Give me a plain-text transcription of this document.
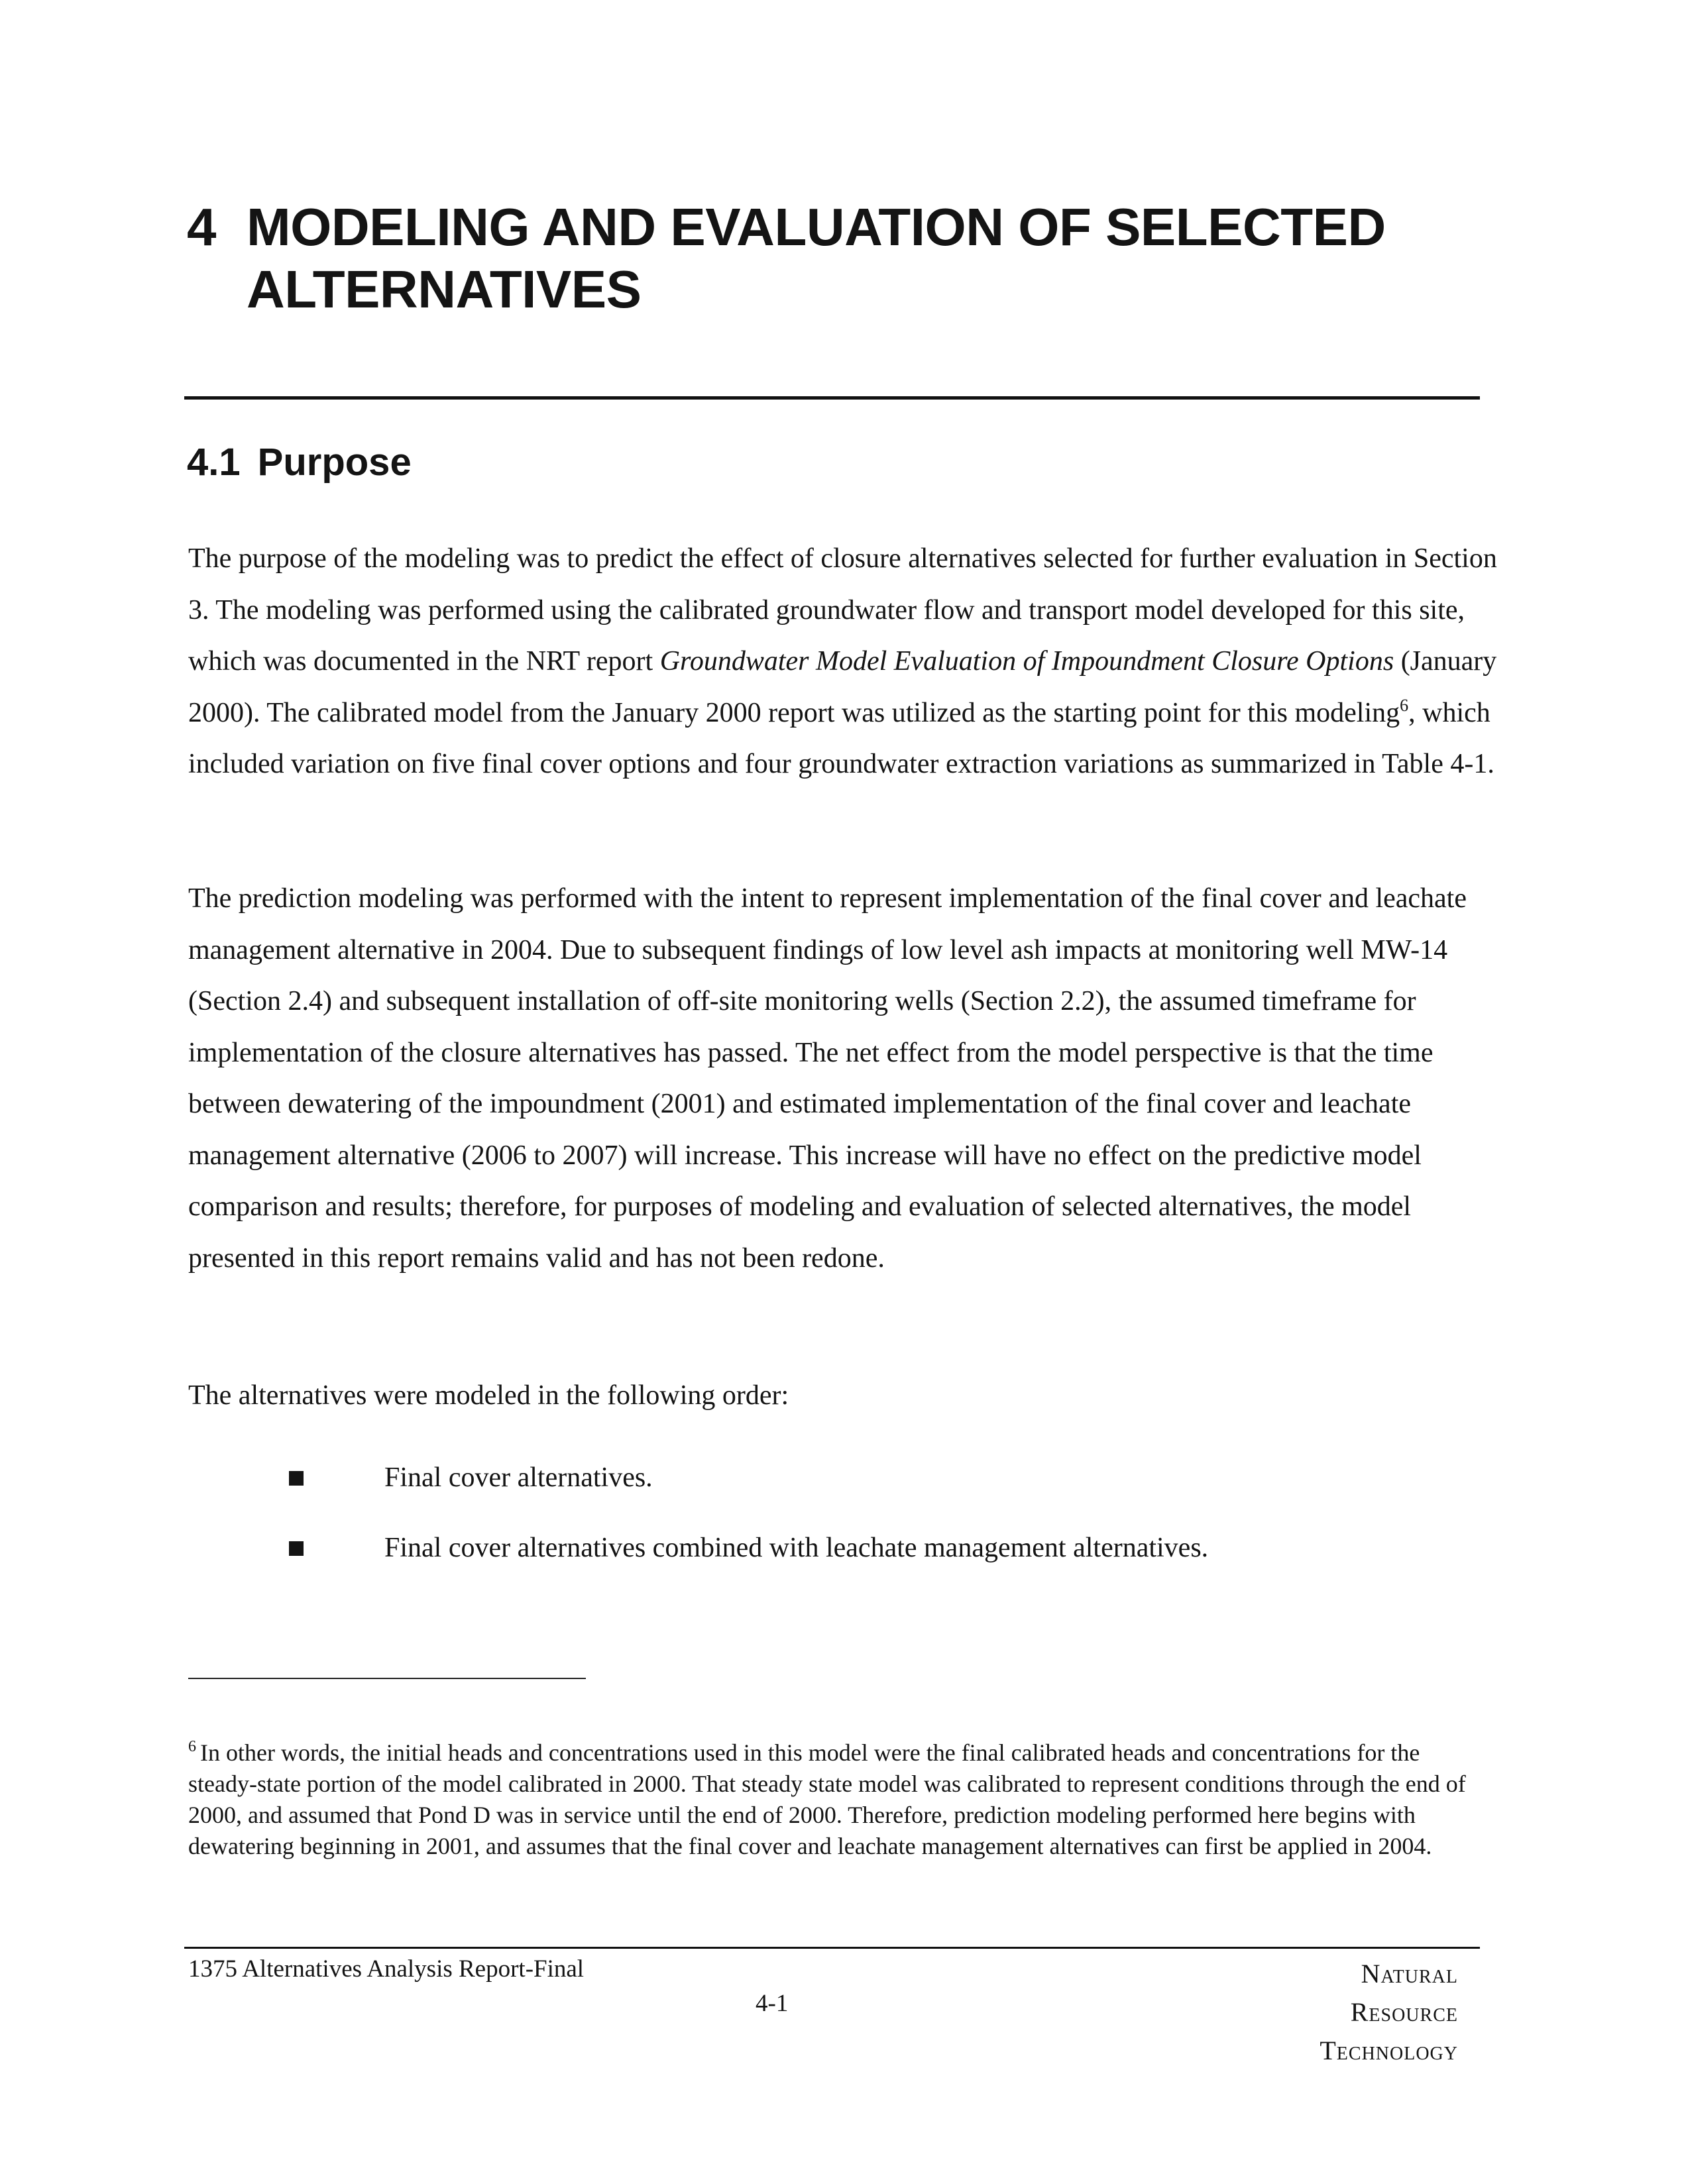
4 MODELING AND EVALUATION OF SELECTED ALTERNATIVES
4.1 Purpose

The purpose of the modeling was to predict the effect of closure alternatives selected for further evaluation in Section 3. The modeling was performed using the calibrated groundwater flow and transport model developed for this site, which was documented in the NRT report Groundwater Model Evaluation of Impoundment Closure Options (January 2000). The calibrated model from the January 2000 report was utilized as the starting point for this modeling$^6$, which included variation on five final cover options and four groundwater extraction variations as summarized in Table 4-1.

The prediction modeling was performed with the intent to represent implementation of the final cover and leachate management alternative in 2004. Due to subsequent findings of low level ash impacts at monitoring well MW-14 (Section 2.4) and subsequent installation of off-site monitoring wells (Section 2.2), the assumed timeframe for implementation of the closure alternatives has passed. The net effect from the model perspective is that the time between dewatering of the impoundment (2001) and estimated implementation of the final cover and leachate management alternative (2006 to 2007) will increase. This increase will have no effect on the predictive model comparison and results; therefore, for purposes of modeling and evaluation of selected alternatives, the model presented in this report remains valid and has not been redone.

The alternatives were modeled in the following order:

Final cover alternatives.
Final cover alternatives combined with leachate management alternatives.

$^6$ In other words, the initial heads and concentrations used in this model were the final calibrated heads and concentrations for the steady-state portion of the model calibrated in 2000. That steady state model was calibrated to represent conditions through the end of 2000, and assumed that Pond D was in service until the end of 2000. Therefore, prediction modeling performed here begins with dewatering beginning in 2001, and assumes that the final cover and leachate management alternatives can first be applied in 2004.

1375 Alternatives Analysis Report-Final
4-1
Natural
Resource
Technology
